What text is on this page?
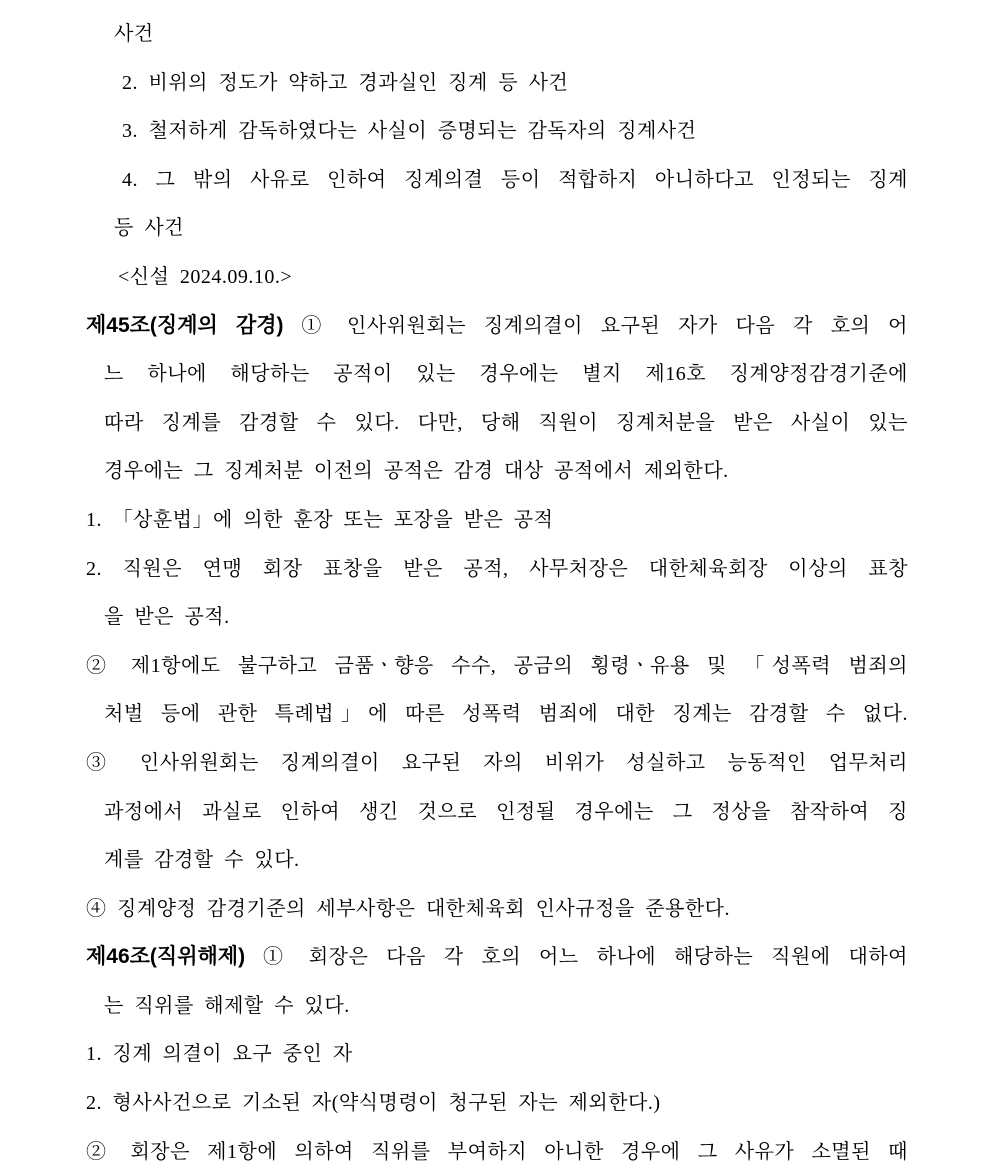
사건
2. 비위의 정도가 약하고 경과실인 징계 등 사건
3. 철저하게 감독하였다는 사실이 증명되는 감독자의 징계사건
4. 그 밖의 사유로 인하여 징계의결 등이 적합하지 아니하다고 인정되는 징계
등 사건
<신설 2024.09.10.>
제45조(징계의 감경) ① 인사위원회는 징계의결이 요구된 자가 다음 각 호의 어
느 하나에 해당하는 공적이 있는 경우에는 별지 제16호 징계양정감경기준에
따라 징계를 감경할 수 있다. 다만, 당해 직원이 징계처분을 받은 사실이 있는
경우에는 그 징계처분 이전의 공적은 감경 대상 공적에서 제외한다.
1. 「상훈법」에 의한 훈장 또는 포장을 받은 공적
2. 직원은 연맹 회장 표창을 받은 공적, 사무처장은 대한체육회장 이상의 표창
을 받은 공적.
② 제1항에도 불구하고 금품ㆍ향응 수수, 공금의 횡령ㆍ유용 및 「성폭력 범죄의
처벌 등에 관한 특례법」에 따른 성폭력 범죄에 대한 징계는 감경할 수 없다.
③ 인사위원회는 징계의결이 요구된 자의 비위가 성실하고 능동적인 업무처리
과정에서 과실로 인하여 생긴 것으로 인정될 경우에는 그 정상을 참작하여 징
계를 감경할 수 있다.
④ 징계양정 감경기준의 세부사항은 대한체육회 인사규정을 준용한다.
제46조(직위해제) ① 회장은 다음 각 호의 어느 하나에 해당하는 직원에 대하여
는 직위를 해제할 수 있다.
1. 징계 의결이 요구 중인 자
2. 형사사건으로 기소된 자(약식명령이 청구된 자는 제외한다.)
② 회장은 제1항에 의하여 직위를 부여하지 아니한 경우에 그 사유가 소멸된 때
